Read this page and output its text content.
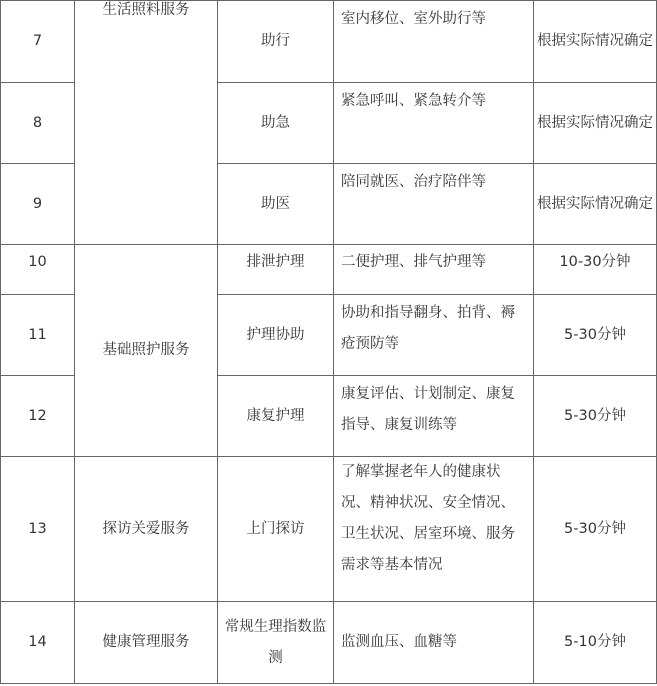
7	生活照料服务	助行	室内移位、室外助行等	根据实际情况确定
8		助急	紧急呼叫、紧急转介等	根据实际情况确定
9		助医	陪同就医、治疗陪伴等	根据实际情况确定
10	基础照护服务	排泄护理	二便护理、排气护理等	10-30分钟
11		护理协助	协助和指导翻身、拍背、褥疮预防等	5-30分钟
12		康复护理	康复评估、计划制定、康复指导、康复训练等	5-30分钟
13	探访关爱服务	上门探访	了解掌握老年人的健康状况、精神状况、安全情况、卫生状况、居室环境、服务需求等基本情况	5-30分钟
14	健康管理服务	常规生理指数监测	监测血压、血糖等	5-10分钟
